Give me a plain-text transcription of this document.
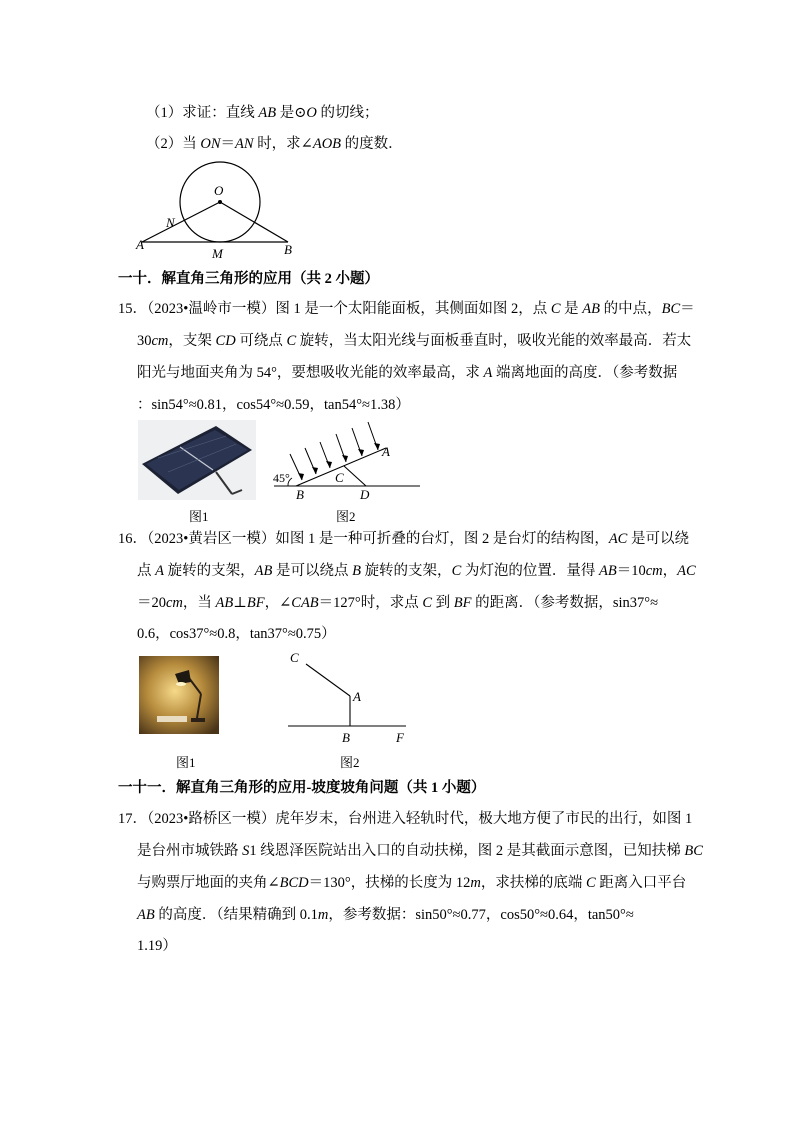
（1）求证：直线 AB 是⊙O 的切线；
（2）当 ON＝AN 时，求∠AOB 的度数．
O
N
A
M	B
一十．解直角三角形的应用（共 2 小题）
15．（2023•温岭市一模）图 1 是一个太阳能面板，其侧面如图 2，点 C 是 AB 的中点，BC＝
30cm，支架 CD 可绕点 C 旋转，当太阳光线与面板垂直时，吸收光能的效率最高．若太
阳光与地面夹角为 54°，要想吸收光能的效率最高，求 A 端离地面的高度．（参考数据
：sin54°≈0.81，cos54°≈0.59，tan54°≈1.38）
图1
45°
A
B
C
D
图2
16．（2023•黄岩区一模）如图 1 是一种可折叠的台灯，图 2 是台灯的结构图，AC 是可以绕
点 A 旋转的支架，AB 是可以绕点 B 旋转的支架，C 为灯泡的位置．量得 AB＝10cm，AC
＝20cm，当 AB⊥BF，∠CAB＝127°时，求点 C 到 BF 的距离．（参考数据，sin37°≈
0.6，cos37°≈0.8，tan37°≈0.75）
图1
C
A
B	F
图2
一十一．解直角三角形的应用-坡度坡角问题（共 1 小题）
17．（2023•路桥区一模）虎年岁末，台州进入轻轨时代，极大地方便了市民的出行，如图 1
是台州市城铁路 S1 线恩泽医院站出入口的自动扶梯，图 2 是其截面示意图，已知扶梯 BC
与购票厅地面的夹角∠BCD＝130°，扶梯的长度为 12m，求扶梯的底端 C 距离入口平台
AB 的高度．（结果精确到 0.1m，参考数据：sin50°≈0.77，cos50°≈0.64，tan50°≈
1.19）
